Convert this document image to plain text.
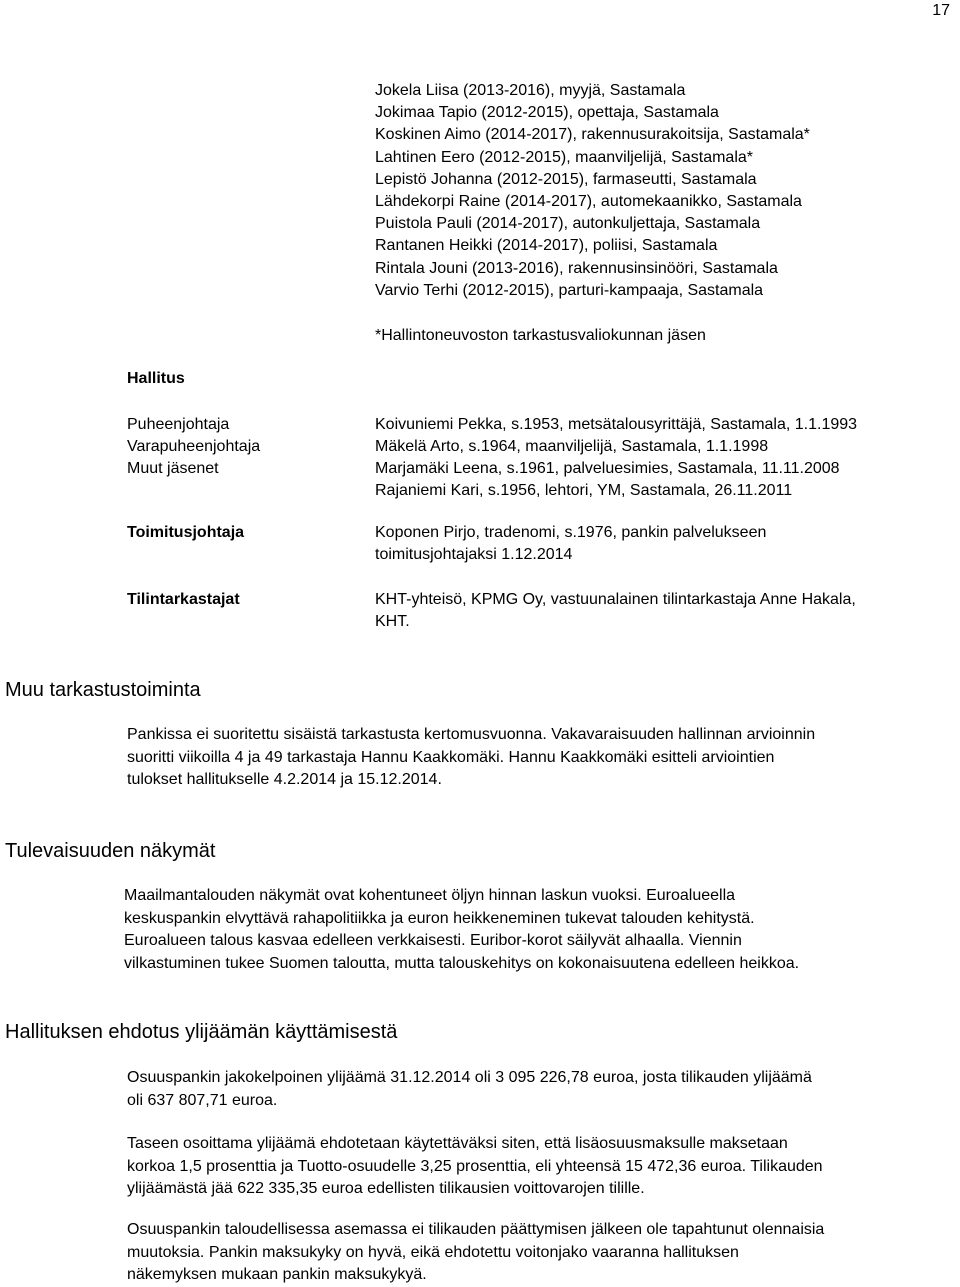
17
Jokela Liisa (2013-2016), myyjä, Sastamala
Jokimaa Tapio (2012-2015), opettaja, Sastamala
Koskinen Aimo (2014-2017), rakennusurakoitsija, Sastamala*
Lahtinen Eero (2012-2015), maanviljelijä, Sastamala*
Lepistö Johanna (2012-2015), farmaseutti, Sastamala
Lähdekorpi Raine (2014-2017), automekaanikko, Sastamala
Puistola Pauli (2014-2017), autonkuljettaja, Sastamala
Rantanen Heikki (2014-2017), poliisi, Sastamala
Rintala Jouni (2013-2016), rakennusinsinööri, Sastamala
Varvio Terhi (2012-2015), parturi-kampaaja, Sastamala
*Hallintoneuvoston tarkastusvaliokunnan jäsen
Hallitus
Puheenjohtaja	Koivuniemi Pekka, s.1953, metsätalousyrittäjä, Sastamala, 1.1.1993
Varapuheenjohtaja	Mäkelä Arto, s.1964, maanviljelijä, Sastamala, 1.1.1998
Muut jäsenet	Marjamäki Leena, s.1961, palveluesimies, Sastamala, 11.11.2008
Rajaniemi Kari, s.1956, lehtori, YM, Sastamala, 26.11.2011
Toimitusjohtaja	Koponen Pirjo, tradenomi, s.1976, pankin palvelukseen
toimitusjohtajaksi 1.12.2014
Tilintarkastajat	KHT-yhteisö, KPMG Oy, vastuunalainen tilintarkastaja Anne Hakala,
KHT.
Muu tarkastustoiminta
Pankissa ei suoritettu sisäistä tarkastusta kertomusvuonna. Vakavaraisuuden hallinnan arvioinnin
suoritti viikoilla 4 ja 49 tarkastaja Hannu Kaakkomäki. Hannu Kaakkomäki esitteli arviointien
tulokset hallitukselle 4.2.2014 ja 15.12.2014.
Tulevaisuuden näkymät
Maailmantalouden näkymät ovat kohentuneet öljyn hinnan laskun vuoksi. Euroalueella
keskuspankin elvyttävä rahapolitiikka ja euron heikkeneminen tukevat talouden kehitystä.
Euroalueen talous kasvaa edelleen verkkaisesti. Euribor-korot säilyvät alhaalla. Viennin
vilkastuminen tukee Suomen taloutta, mutta talouskehitys on kokonaisuutena edelleen heikkoa.
Hallituksen ehdotus ylijäämän käyttämisestä
Osuuspankin jakokelpoinen ylijäämä 31.12.2014 oli 3 095 226,78 euroa, josta tilikauden ylijäämä
oli 637 807,71 euroa.
Taseen osoittama ylijäämä ehdotetaan käytettäväksi siten, että lisäosuusmaksulle maksetaan
korkoa 1,5 prosenttia ja Tuotto-osuudelle 3,25 prosenttia, eli yhteensä 15 472,36 euroa. Tilikauden
ylijäämästä jää 622 335,35 euroa edellisten tilikausien voittovarojen tilille.
Osuuspankin taloudellisessa asemassa ei tilikauden päättymisen jälkeen ole tapahtunut olennaisia
muutoksia. Pankin maksukyky on hyvä, eikä ehdotettu voitonjako vaaranna hallituksen
näkemyksen mukaan pankin maksukykyä.
